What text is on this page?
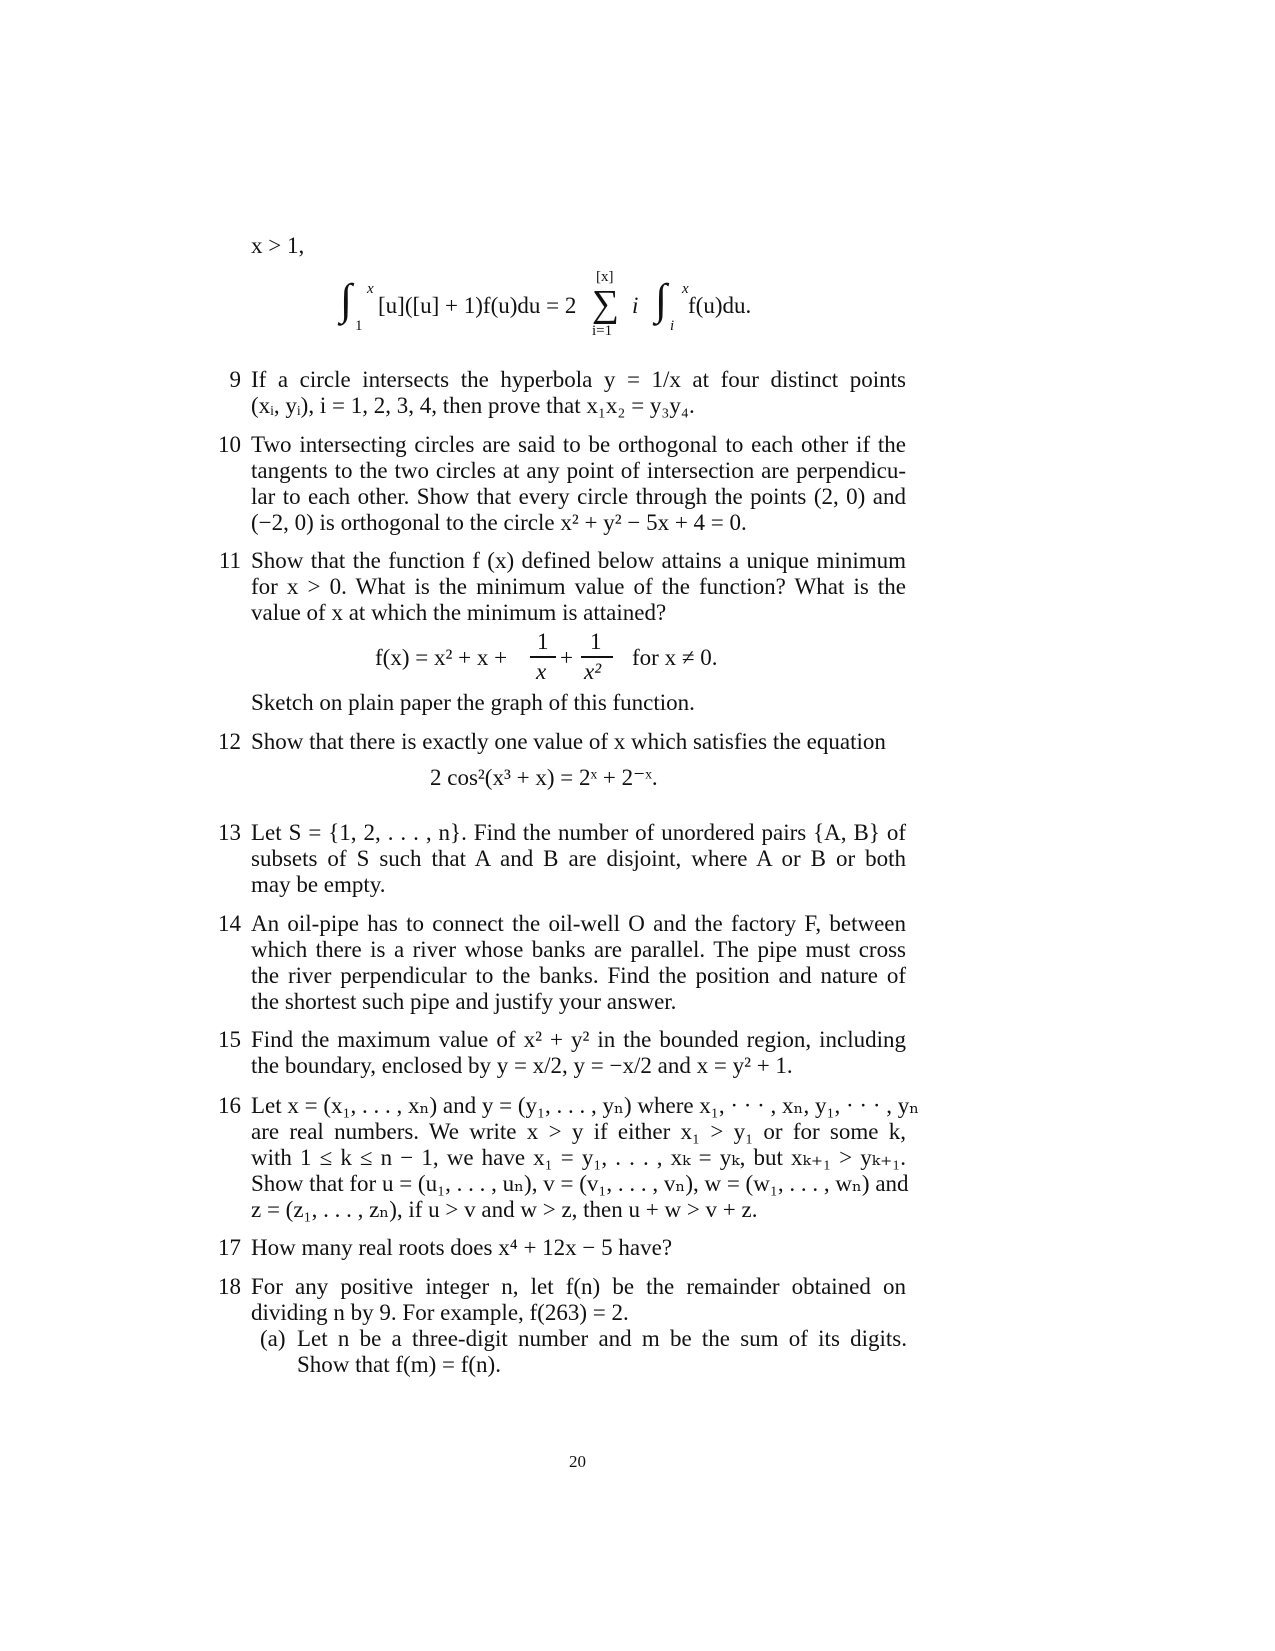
x > 1,
∫ x
1
[u]([u] + 1)f(u)du = 2
[x]
∑
i=1
i ∫ x
i
f(u)du.
9 If a circle intersects the hyperbola y = 1/x at four distinct points
(xᵢ, yᵢ), i = 1, 2, 3, 4, then prove that x₁x₂ = y₃y₄.
10 Two intersecting circles are said to be orthogonal to each other if the
tangents to the two circles at any point of intersection are perpendicu-
lar to each other. Show that every circle through the points (2, 0) and
(−2, 0) is orthogonal to the circle x² + y² − 5x + 4 = 0.
11 Show that the function f (x) defined below attains a unique minimum
for x > 0. What is the minimum value of the function? What is the
value of x at which the minimum is attained?
f(x) = x² + x +
1
x
+
1
x²
for x ≠ 0.
Sketch on plain paper the graph of this function.
12 Show that there is exactly one value of x which satisfies the equation
2 cos²(x³ + x) = 2ˣ + 2⁻ˣ.
13 Let S = {1, 2, . . . , n}. Find the number of unordered pairs {A, B} of
subsets of S such that A and B are disjoint, where A or B or both
may be empty.
14 An oil-pipe has to connect the oil-well O and the factory F, between
which there is a river whose banks are parallel. The pipe must cross
the river perpendicular to the banks. Find the position and nature of
the shortest such pipe and justify your answer.
15 Find the maximum value of x² + y² in the bounded region, including
the boundary, enclosed by y = x/2, y = −x/2 and x = y² + 1.
16 Let x = (x₁, . . . , xₙ) and y = (y₁, . . . , yₙ) where x₁, · · · , xₙ, y₁, · · · , yₙ
are real numbers. We write x > y if either x₁ > y₁ or for some k,
with 1 ≤ k ≤ n − 1, we have x₁ = y₁, . . . , xₖ = yₖ, but xₖ₊₁ > yₖ₊₁.
Show that for u = (u₁, . . . , uₙ), v = (v₁, . . . , vₙ), w = (w₁, . . . , wₙ) and
z = (z₁, . . . , zₙ), if u > v and w > z, then u + w > v + z.
17 How many real roots does x⁴ + 12x − 5 have?
18 For any positive integer n, let f(n) be the remainder obtained on
dividing n by 9. For example, f(263) = 2.
(a) Let n be a three-digit number and m be the sum of its digits.
Show that f(m) = f(n).
20
